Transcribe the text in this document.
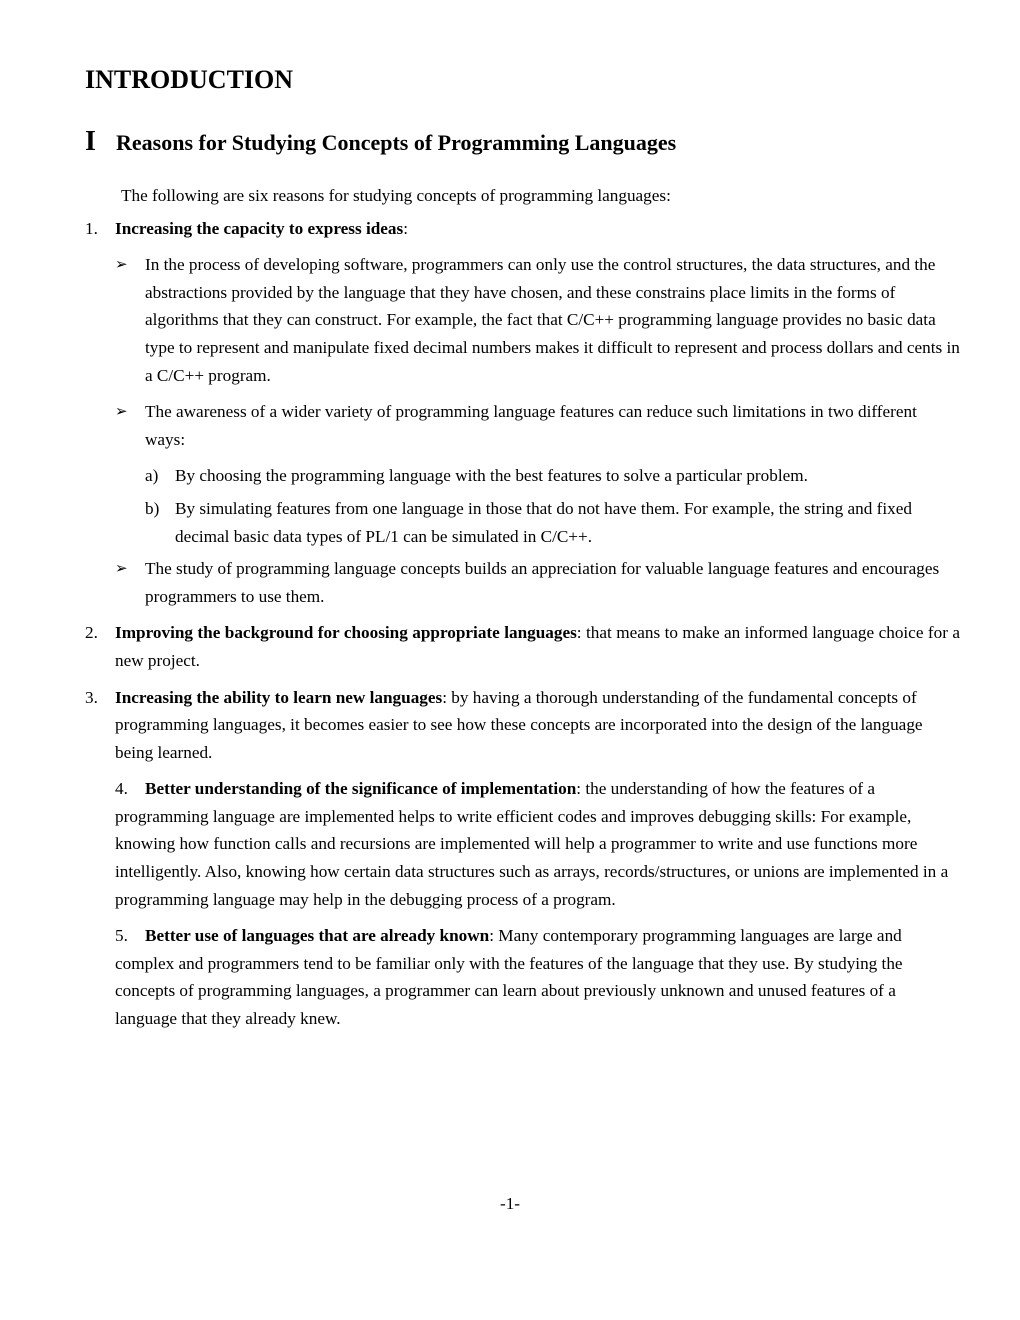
INTRODUCTION
I Reasons for Studying Concepts of Programming Languages

The following are six reasons for studying concepts of programming languages:

1. Increasing the capacity to express ideas:
➢ In the process of developing software, programmers can only use the control structures, the data structures, and the abstractions provided by the language that they have chosen, and these constrains place limits in the forms of algorithms that they can construct. For example, the fact that C/C++ programming language provides no basic data type to represent and manipulate fixed decimal numbers makes it difficult to represent and process dollars and cents in a C/C++ program.
➢ The awareness of a wider variety of programming language features can reduce such limitations in two different ways:
a) By choosing the programming language with the best features to solve a particular problem.
b) By simulating features from one language in those that do not have them. For example, the string and fixed decimal basic data types of PL/1 can be simulated in C/C++.
➢ The study of programming language concepts builds an appreciation for valuable language features and encourages programmers to use them.
2. Improving the background for choosing appropriate languages: that means to make an informed language choice for a new project.
3. Increasing the ability to learn new languages: by having a thorough understanding of the fundamental concepts of programming languages, it becomes easier to see how these concepts are incorporated into the design of the language being learned.
4. Better understanding of the significance of implementation: the understanding of how the features of a programming language are implemented helps to write efficient codes and improves debugging skills: For example, knowing how function calls and recursions are implemented will help a programmer to write and use functions more intelligently. Also, knowing how certain data structures such as arrays, records/structures, or unions are implemented in a programming language may help in the debugging process of a program.
5. Better use of languages that are already known: Many contemporary programming languages are large and complex and programmers tend to be familiar only with the features of the language that they use. By studying the concepts of programming languages, a programmer can learn about previously unknown and unused features of a language that they already knew.
-1-
